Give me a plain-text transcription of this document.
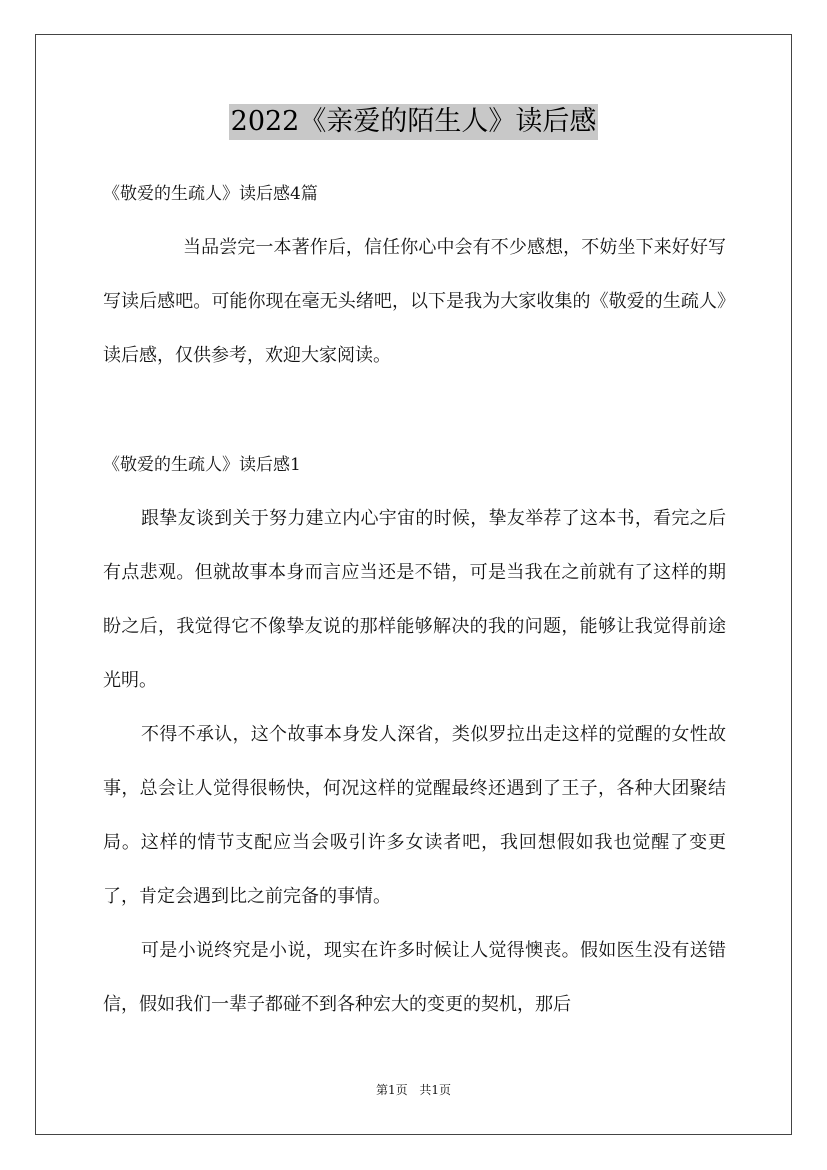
2022《亲爱的陌生人》读后感
《敬爱的生疏人》读后感4篇

当品尝完一本著作后，信任你心中会有不少感想，不妨坐下来好好写写读后感吧。可能你现在毫无头绪吧，以下是我为大家收集的《敬爱的生疏人》读后感，仅供参考，欢迎大家阅读。

《敬爱的生疏人》读后感1

跟挚友谈到关于努力建立内心宇宙的时候，挚友举荐了这本书，看完之后有点悲观。但就故事本身而言应当还是不错，可是当我在之前就有了这样的期盼之后，我觉得它不像挚友说的那样能够解决的我的问题，能够让我觉得前途光明。

不得不承认，这个故事本身发人深省，类似罗拉出走这样的觉醒的女性故事，总会让人觉得很畅快，何况这样的觉醒最终还遇到了王子，各种大团聚结局。这样的情节支配应当会吸引许多女读者吧，我回想假如我也觉醒了变更了，肯定会遇到比之前完备的事情。

可是小说终究是小说，现实在许多时候让人觉得懊丧。假如医生没有送错信，假如我们一辈子都碰不到各种宏大的变更的契机，那后

第1页 共1页
